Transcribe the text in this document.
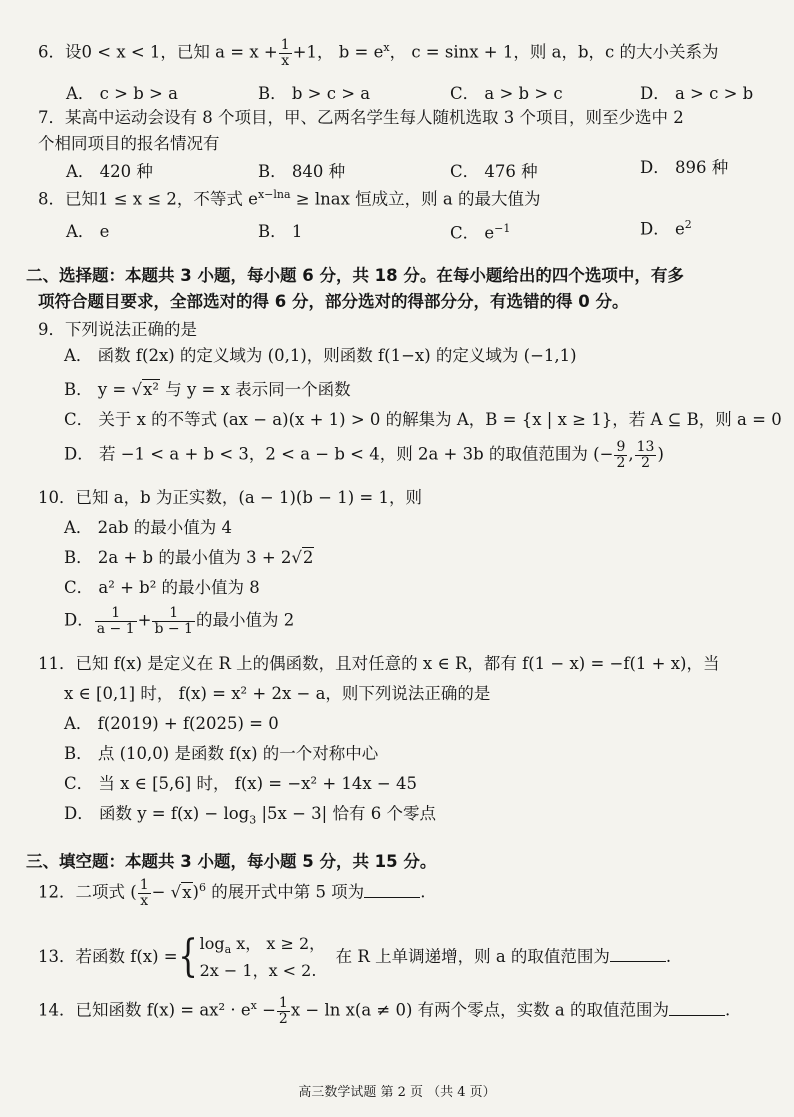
6．设0 < x < 1，已知 $a = x + \frac{1}{x} +1$， $b = e^x$， c = sinx + 1，则 a，b，c 的大小关系为
A． c > b > a	B． b > c > a	C． a > b > c	D． a > c > b
7．某高中运动会设有 8 个项目，甲、乙两名学生每人随机选取 3 个项目，则至少选中 2
个相同项目的报名情况有
A． 420 种	B． 840 种	C． 476 种	D． 896 种
8．已知1 ≤ x ≤ 2，不等式 $e^{x-lna}$ ≥ lnax 恒成立，则 a 的最大值为
A． e	B． 1	C． $e^{-1}$	D． $e^2$
二、选择题：本题共 3 小题，每小题 6 分，共 18 分。在每小题给出的四个选项中，有多
项符合题目要求，全部选对的得 6 分，部分选对的得部分分，有选错的得 0 分。
9．下列说法正确的是
A． 函数 f(2x) 的定义域为 (0,1)，则函数 f(1−x) 的定义域为 (−1,1)
B． y = √x² 与 y = x 表示同一个函数
C． 关于 x 的不等式 (ax − a)(x + 1) > 0 的解集为 A，B = {x | x ≥ 1}，若 A ⊆ B，则 a = 0
D． 若 −1 < a + b < 3，2 < a − b < 4，则 2a + 3b 的取值范围为 (− $\frac{9}{2}$ , $\frac{13}{2}$ )
10．已知 a，b 为正实数，(a − 1)(b − 1) = 1，则
A． 2ab 的最小值为 4
B． 2a + b 的最小值为 3 + 2√2
C． a² + b² 的最小值为 8
D． $\frac{1}{a - 1} + \frac{1}{b - 1}$ 的最小值为 2
11．已知 f(x) 是定义在 R 上的偶函数，且对任意的 x ∈ R，都有 f(1 − x) = −f(1 + x)，当
x ∈ [0,1] 时， f(x) = x² + 2x − a，则下列说法正确的是
A． f(2019) + f(2025) = 0
B． 点 (10,0) 是函数 f(x) 的一个对称中心
C． 当 x ∈ [5,6] 时， f(x) = −x² + 14x − 45
D． 函数 $y = f(x) - \log_3 |5x - 3|$ 恰有 6 个零点
三、填空题：本题共 3 小题，每小题 5 分，共 15 分。
12．二项式 ( $\frac{1}{x} - √x)^6$ 的展开式中第 5 项为	.
13．若函数 f(x) ={ $\log_a x$， x ≥ 2，
2x − 1，x < 2.
在 R 上单调递增，则 a 的取值范围为	.
14．已知函数 $f(x) = ax^2 \cdot e^x - \frac{1}{2}$ x − ln x(a ≠ 0) 有两个零点，实数 a 的取值范围为	.
高三数学试题 第 2 页 （共 4 页）
